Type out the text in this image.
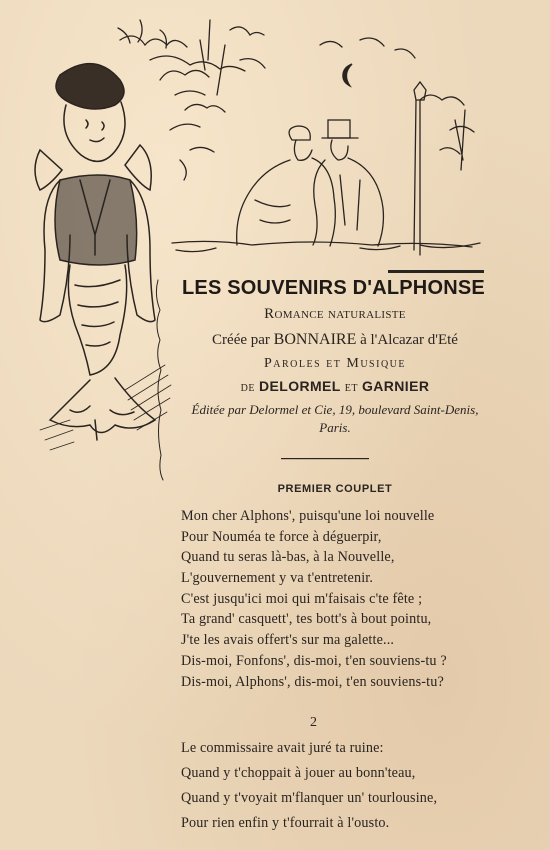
LES SOUVENIRS D'ALPHONSE
Romance naturaliste
Créée par BONNAIRE à l'Alcazar d'Eté
Paroles et Musique
de DELORMEL et GARNIER
Éditée par Delormel et Cie, 19, boulevard Saint-Denis,
Paris.
PREMIER COUPLET
Mon cher Alphons', puisqu'une loi nouvelle
Pour Nouméa te force à déguerpir,
Quand tu seras là-bas, à la Nouvelle,
L'gouvernement y va t'entretenir.
C'est jusqu'ici moi qui m'faisais c'te fête ;
Ta grand' casquett', tes bott's à bout pointu,
J'te les avais offert's sur ma galette...
Dis-moi, Fonfons', dis-moi, t'en souviens-tu ?
Dis-moi, Alphons', dis-moi, t'en souviens-tu?
2
Le commissaire avait juré ta ruine:
Quand y t'choppait à jouer au bonn'teau,
Quand y t'voyait m'flanquer un' tourlousine,
Pour rien enfin y t'fourrait à l'ousto.
